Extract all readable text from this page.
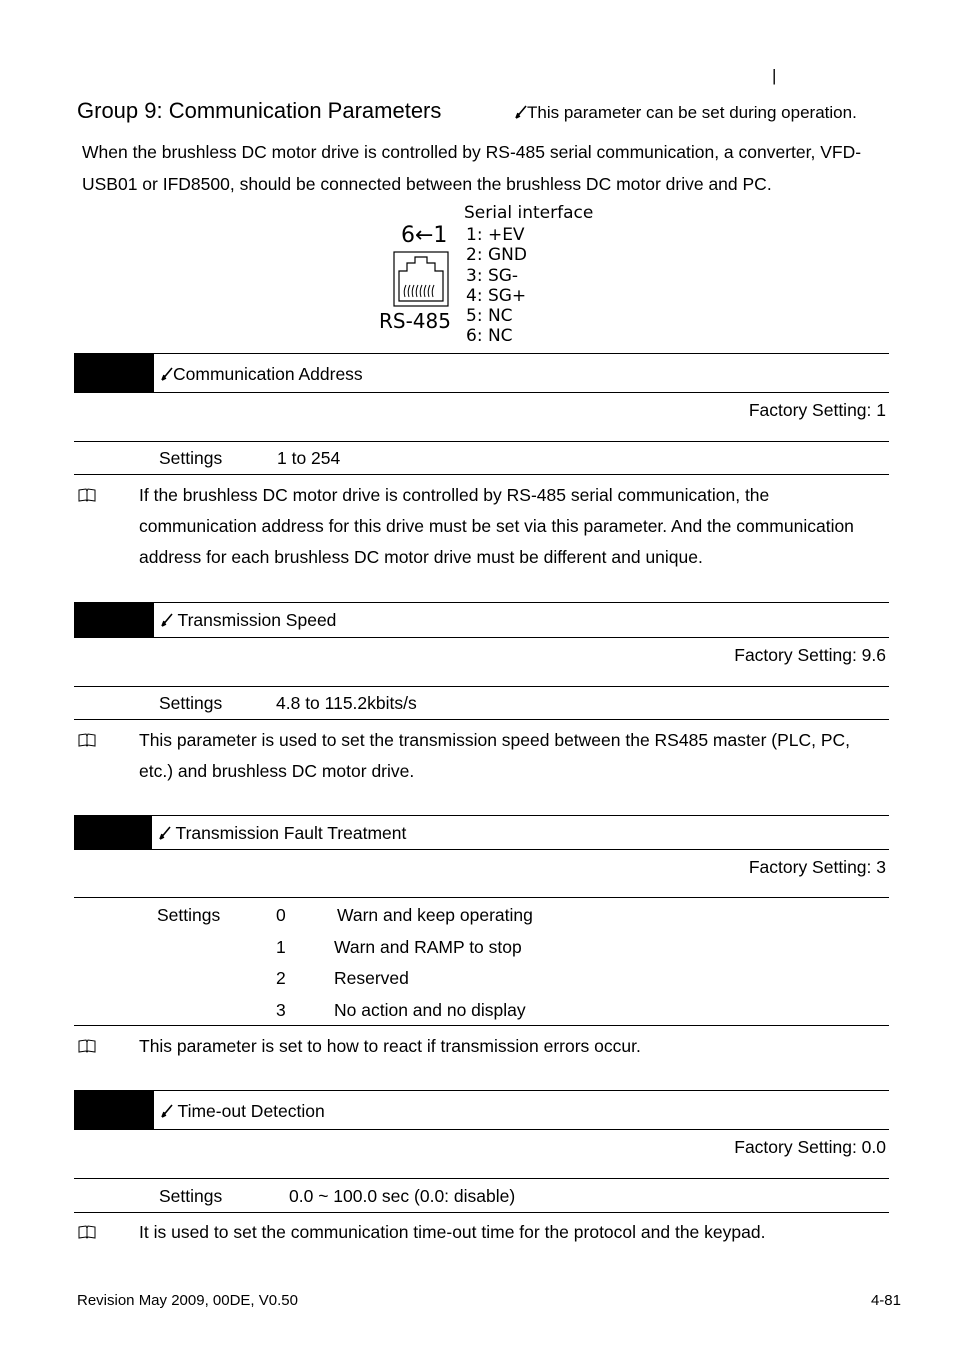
|
Group 9: Communication Parameters	This parameter can be set during operation.
When the brushless DC motor drive is controlled by RS-485 serial communication, a converter, VFD-
USB01 or IFD8500, should be connected between the brushless DC motor drive and PC.
Serial interface
6←1
RS-485
1: +EV
2: GND
3: SG-
4: SG+
5: NC
6: NC
Communication Address
Factory Setting: 1
Settings	1 to 254
If the brushless DC motor drive is controlled by RS-485 serial communication, the
communication address for this drive must be set via this parameter. And the communication
address for each brushless DC motor drive must be different and unique.
Transmission Speed
Factory Setting: 9.6
Settings	4.8 to 115.2kbits/s
This parameter is used to set the transmission speed between the RS485 master (PLC, PC,
etc.) and brushless DC motor drive.
Transmission Fault Treatment
Factory Setting: 3
Settings	0	Warn and keep operating
1	Warn and RAMP to stop
2	Reserved
3	No action and no display
This parameter is set to how to react if transmission errors occur.
Time-out Detection
Factory Setting: 0.0
Settings	0.0 ~ 100.0 sec (0.0: disable)
It is used to set the communication time-out time for the protocol and the keypad.
Revision May 2009, 00DE, V0.50	4-81
